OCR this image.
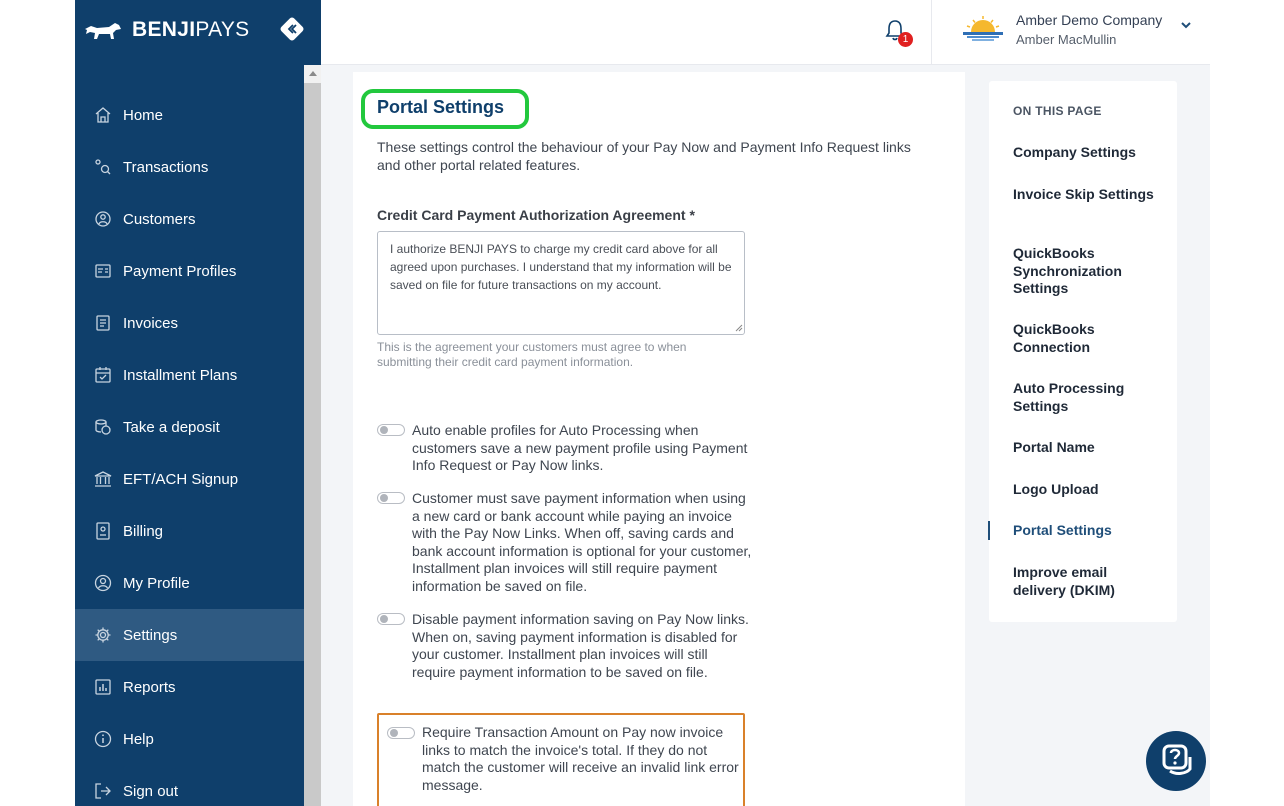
BENJIPAYS
Home
Transactions
Customers
Payment Profiles
Invoices
Installment Plans
Take a deposit
EFT/ACH Signup
Billing
My Profile
Settings
Reports
Help
Sign out
1
Amber Demo Company
Amber MacMullin
Portal Settings
These settings control the behaviour of your Pay Now and Payment Info Request links and other portal related features.
Credit Card Payment Authorization Agreement *
I authorize BENJI PAYS to charge my credit card above for all agreed upon purchases. I understand that my information will be saved on file for future transactions on my account.
This is the agreement your customers must agree to when submitting their credit card payment information.
Auto enable profiles for Auto Processing when customers save a new payment profile using Payment Info Request or Pay Now links.
Customer must save payment information when using a new card or bank account while paying an invoice with the Pay Now Links. When off, saving cards and bank account information is optional for your customer, Installment plan invoices will still require payment information be saved on file.
Disable payment information saving on Pay Now links. When on, saving payment information is disabled for your customer. Installment plan invoices will still require payment information to be saved on file.
Require Transaction Amount on Pay now invoice links to match the invoice's total. If they do not match the customer will receive an invalid link error message.
ON THIS PAGE
Company Settings
Invoice Skip Settings
QuickBooks Synchronization Settings
QuickBooks Connection
Auto Processing Settings
Portal Name
Logo Upload
Portal Settings
Improve email delivery (DKIM)
